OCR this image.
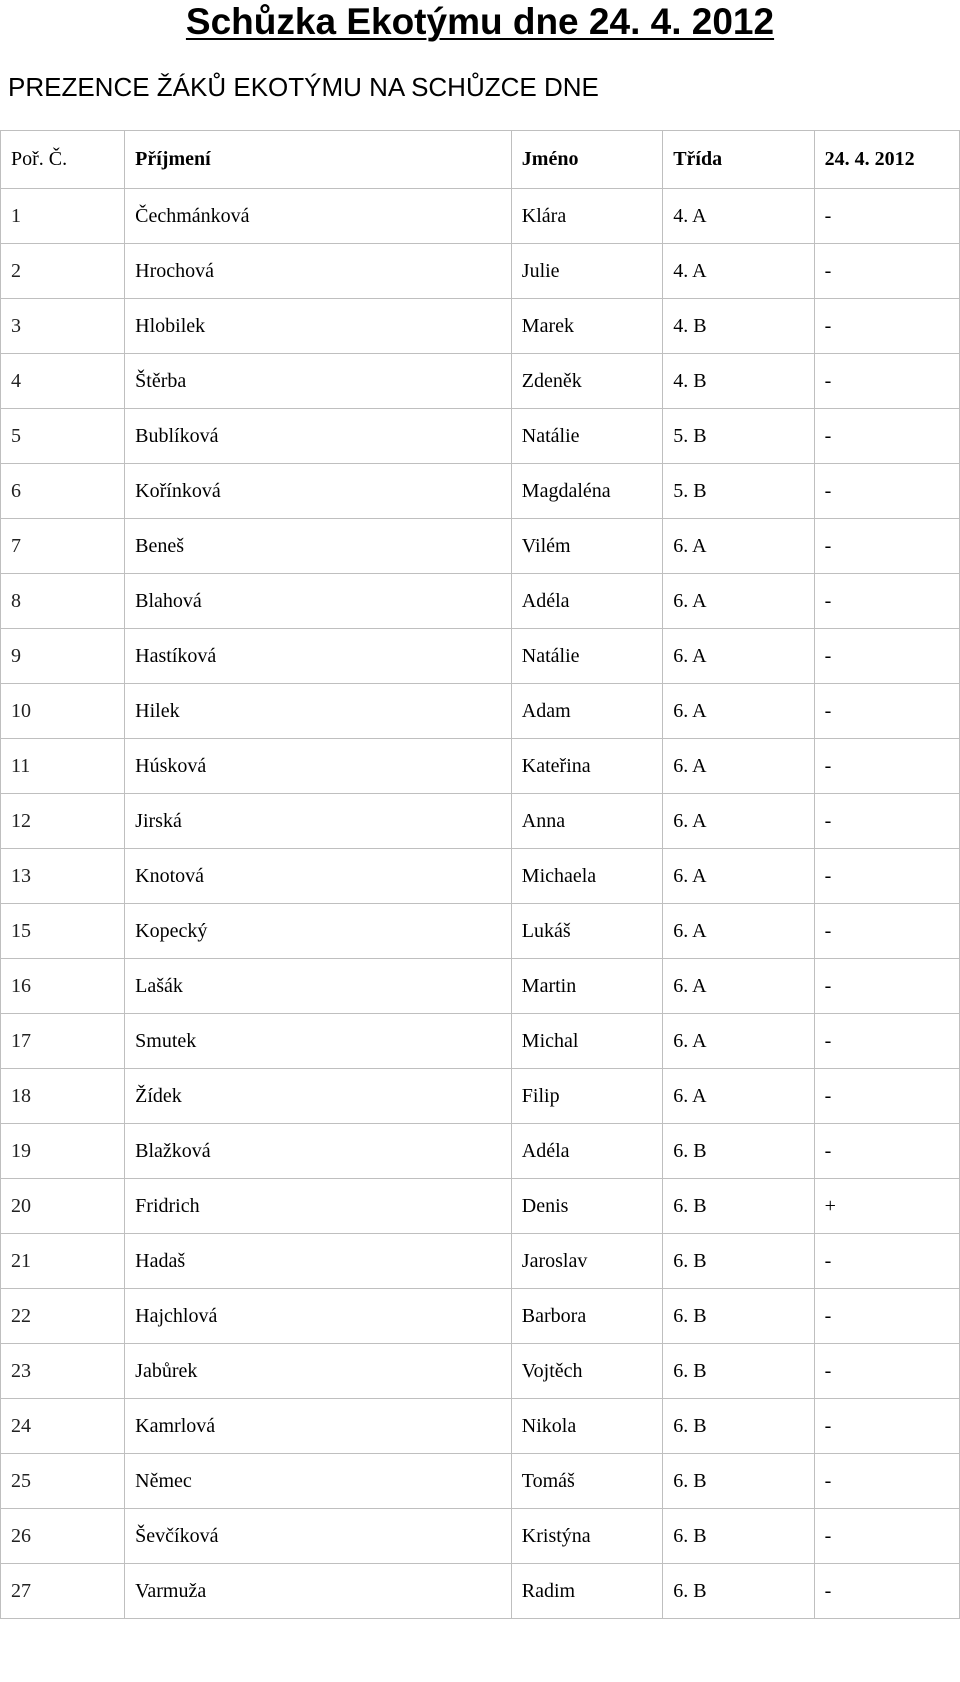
Schůzka Ekotýmu dne 24. 4. 2012

PREZENCE ŽÁKŮ EKOTÝMU NA SCHŮZCE DNE

Poř. Č.	Příjmení	Jméno	Třída	24. 4. 2012
1	Čechmánková	Klára	4. A	-
2	Hrochová	Julie	4. A	-
3	Hlobilek	Marek	4. B	-
4	Štěrba	Zdeněk	4. B	-
5	Bublíková	Natálie	5. B	-
6	Kořínková	Magdaléna	5. B	-
7	Beneš	Vilém	6. A	-
8	Blahová	Adéla	6. A	-
9	Hastíková	Natálie	6. A	-
10	Hilek	Adam	6. A	-
11	Húsková	Kateřina	6. A	-
12	Jirská	Anna	6. A	-
13	Knotová	Michaela	6. A	-
15	Kopecký	Lukáš	6. A	-
16	Lašák	Martin	6. A	-
17	Smutek	Michal	6. A	-
18	Žídek	Filip	6. A	-
19	Blažková	Adéla	6. B	-
20	Fridrich	Denis	6. B	+
21	Hadaš	Jaroslav	6. B	-
22	Hajchlová	Barbora	6. B	-
23	Jabůrek	Vojtěch	6. B	-
24	Kamrlová	Nikola	6. B	-
25	Němec	Tomáš	6. B	-
26	Ševčíková	Kristýna	6. B	-
27	Varmuža	Radim	6. B	-
